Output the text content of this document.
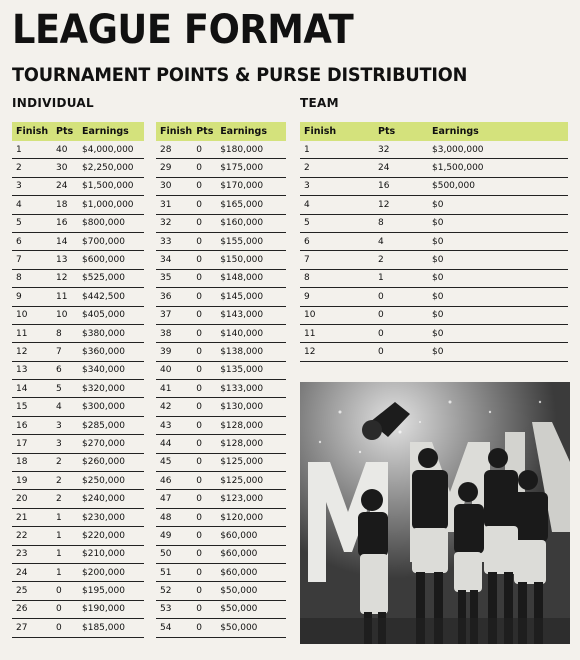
LEAGUE FORMAT
TOURNAMENT POINTS & PURSE DISTRIBUTION
INDIVIDUAL	TEAM
Finish	Pts	Earnings
1	40	$4,000,000
2	30	$2,250,000
3	24	$1,500,000
4	18	$1,000,000
5	16	$800,000
6	14	$700,000
7	13	$600,000
8	12	$525,000
9	11	$442,500
10	10	$405,000
11	8	$380,000
12	7	$360,000
13	6	$340,000
14	5	$320,000
15	4	$300,000
16	3	$285,000
17	3	$270,000
18	2	$260,000
19	2	$250,000
20	2	$240,000
21	1	$230,000
22	1	$220,000
23	1	$210,000
24	1	$200,000
25	0	$195,000
26	0	$190,000
27	0	$185,000
Finish	Pts	Earnings
28	0	$180,000
29	0	$175,000
30	0	$170,000
31	0	$165,000
32	0	$160,000
33	0	$155,000
34	0	$150,000
35	0	$148,000
36	0	$145,000
37	0	$143,000
38	0	$140,000
39	0	$138,000
40	0	$135,000
41	0	$133,000
42	0	$130,000
43	0	$128,000
44	0	$128,000
45	0	$125,000
46	0	$125,000
47	0	$123,000
48	0	$120,000
49	0	$60,000
50	0	$60,000
51	0	$60,000
52	0	$50,000
53	0	$50,000
54	0	$50,000
Finish	Pts	Earnings
1	32	$3,000,000
2	24	$1,500,000
3	16	$500,000
4	12	$0
5	8	$0
6	4	$0
7	2	$0
8	1	$0
9	0	$0
10	0	$0
11	0	$0
12	0	$0
